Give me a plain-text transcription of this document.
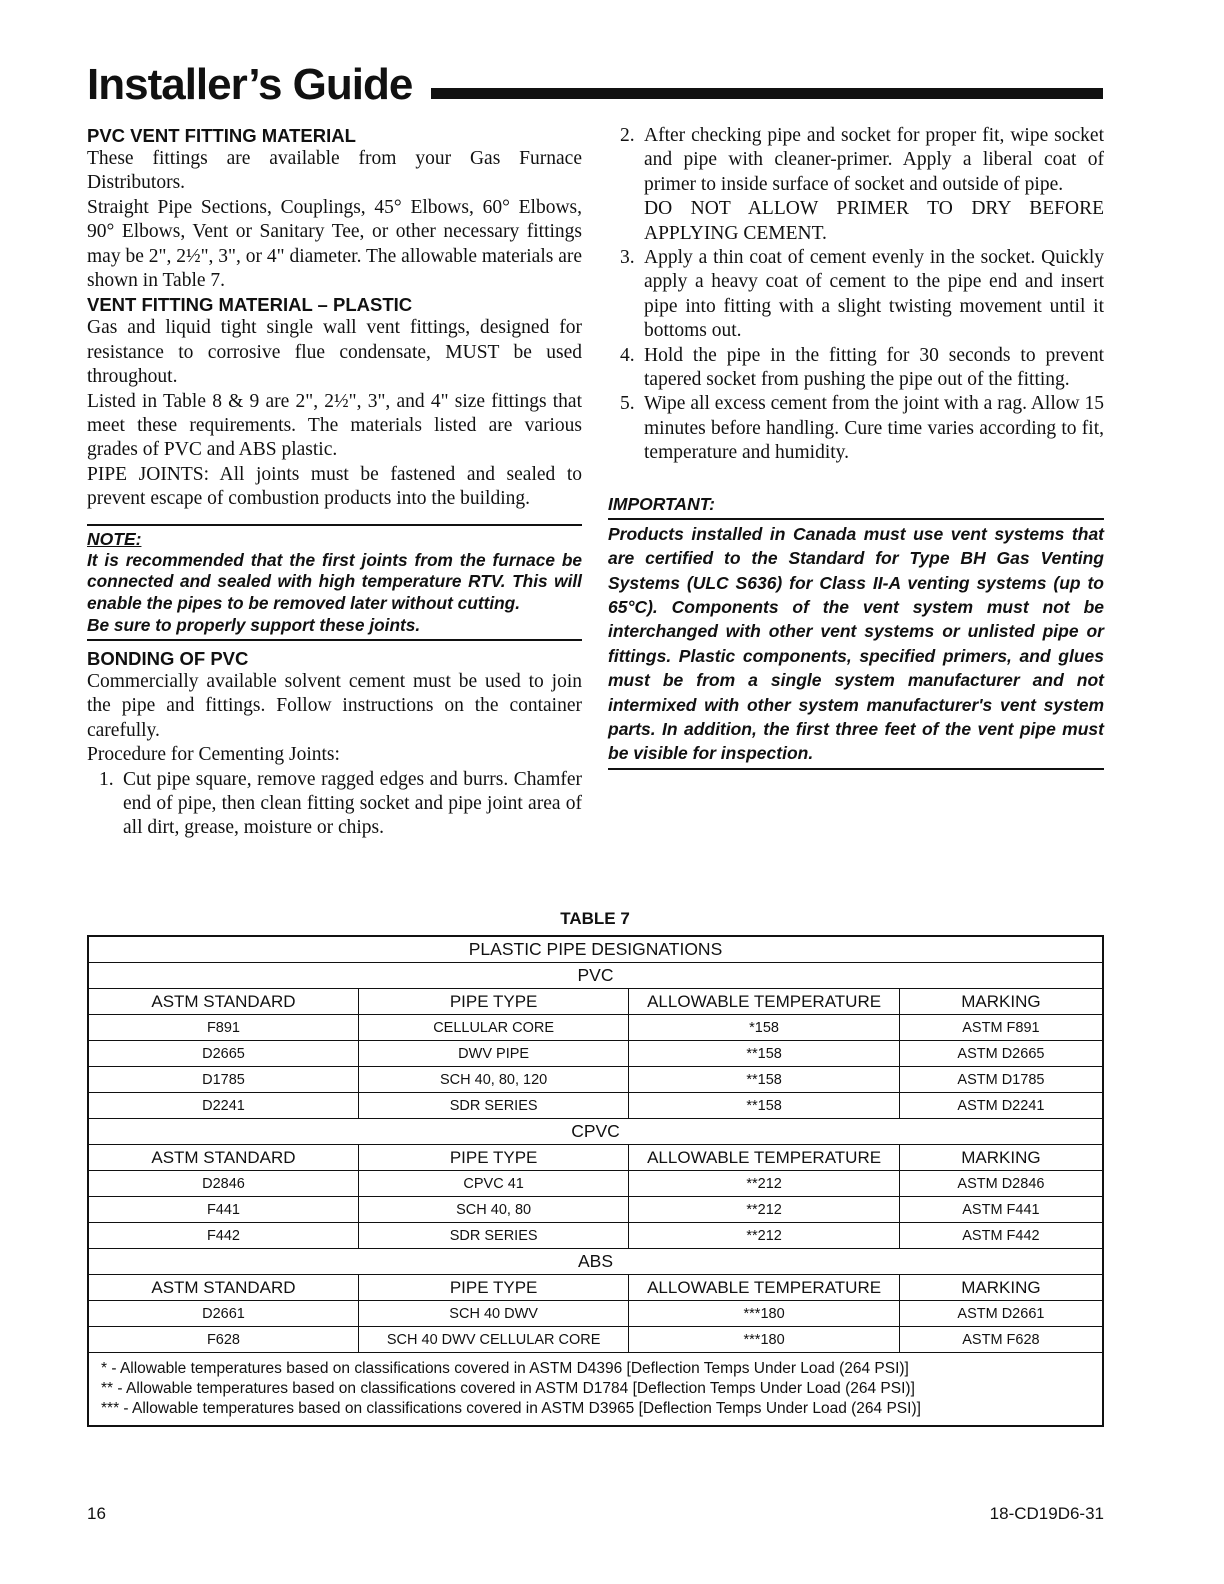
Installer’s Guide

PVC VENT FITTING MATERIAL

These fittings are available from your Gas Furnace Distributors.

Straight Pipe Sections, Couplings, 45° Elbows, 60° Elbows, 90° Elbows, Vent or Sanitary Tee, or other necessary fittings may be 2", 2½", 3", or 4" diameter. The allowable materials are shown in Table 7.

VENT FITTING MATERIAL – PLASTIC

Gas and liquid tight single wall vent fittings, designed for resistance to corrosive flue condensate, MUST be used throughout.

Listed in Table 8 & 9 are 2", 2½", 3", and 4" size fittings that meet these requirements. The materials listed are various grades of PVC and ABS plastic.

PIPE JOINTS: All joints must be fastened and sealed to prevent escape of combustion products into the building.

NOTE:
It is recommended that the first joints from the furnace be connected and sealed with high temperature RTV. This will enable the pipes to be removed later without cutting.
Be sure to properly support these joints.

BONDING OF PVC

Commercially available solvent cement must be used to join the pipe and fittings. Follow instructions on the container carefully.

Procedure for Cementing Joints:

1. Cut pipe square, remove ragged edges and burrs. Chamfer end of pipe, then clean fitting socket and pipe joint area of all dirt, grease, moisture or chips.
2. After checking pipe and socket for proper fit, wipe socket and pipe with cleaner-primer. Apply a liberal coat of primer to inside surface of socket and outside of pipe.
DO NOT ALLOW PRIMER TO DRY BEFORE APPLYING CEMENT.
3. Apply a thin coat of cement evenly in the socket. Quickly apply a heavy coat of cement to the pipe end and insert pipe into fitting with a slight twisting movement until it bottoms out.
4. Hold the pipe in the fitting for 30 seconds to prevent tapered socket from pushing the pipe out of the fitting.
5. Wipe all excess cement from the joint with a rag. Allow 15 minutes before handling. Cure time varies according to fit, temperature and humidity.
IMPORTANT:
Products installed in Canada must use vent systems that are certified to the Standard for Type BH Gas Venting Systems (ULC S636) for Class II-A venting systems (up to 65°C). Components of the vent system must not be interchanged with other vent systems or unlisted pipe or fittings. Plastic components, specified primers, and glues must be from a single system manufacturer and not intermixed with other system manufacturer's vent system parts. In addition, the first three feet of the vent pipe must be visible for inspection.
TABLE 7
PLASTIC PIPE DESIGNATIONS			
PVC			
ASTM STANDARD	PIPE TYPE	ALLOWABLE TEMPERATURE	MARKING
F891	CELLULAR CORE	*158	ASTM F891
D2665	DWV PIPE	**158	ASTM D2665
D1785	SCH 40, 80, 120	**158	ASTM D1785
D2241	SDR SERIES	**158	ASTM D2241
CPVC			
ASTM STANDARD	PIPE TYPE	ALLOWABLE TEMPERATURE	MARKING
D2846	CPVC 41	**212	ASTM D2846
F441	SCH 40, 80	**212	ASTM F441
F442	SDR SERIES	**212	ASTM F442
ABS			
ASTM STANDARD	PIPE TYPE	ALLOWABLE TEMPERATURE	MARKING
D2661	SCH 40 DWV	***180	ASTM D2661
F628	SCH 40 DWV CELLULAR CORE	***180	ASTM F628

* - Allowable temperatures based on classifications covered in ASTM D4396 [Deflection Temps Under Load (264 PSI)]
** - Allowable temperatures based on classifications covered in ASTM D1784 [Deflection Temps Under Load (264 PSI)]
*** - Allowable temperatures based on classifications covered in ASTM D3965 [Deflection Temps Under Load (264 PSI)]			
16	18-CD19D6-31
